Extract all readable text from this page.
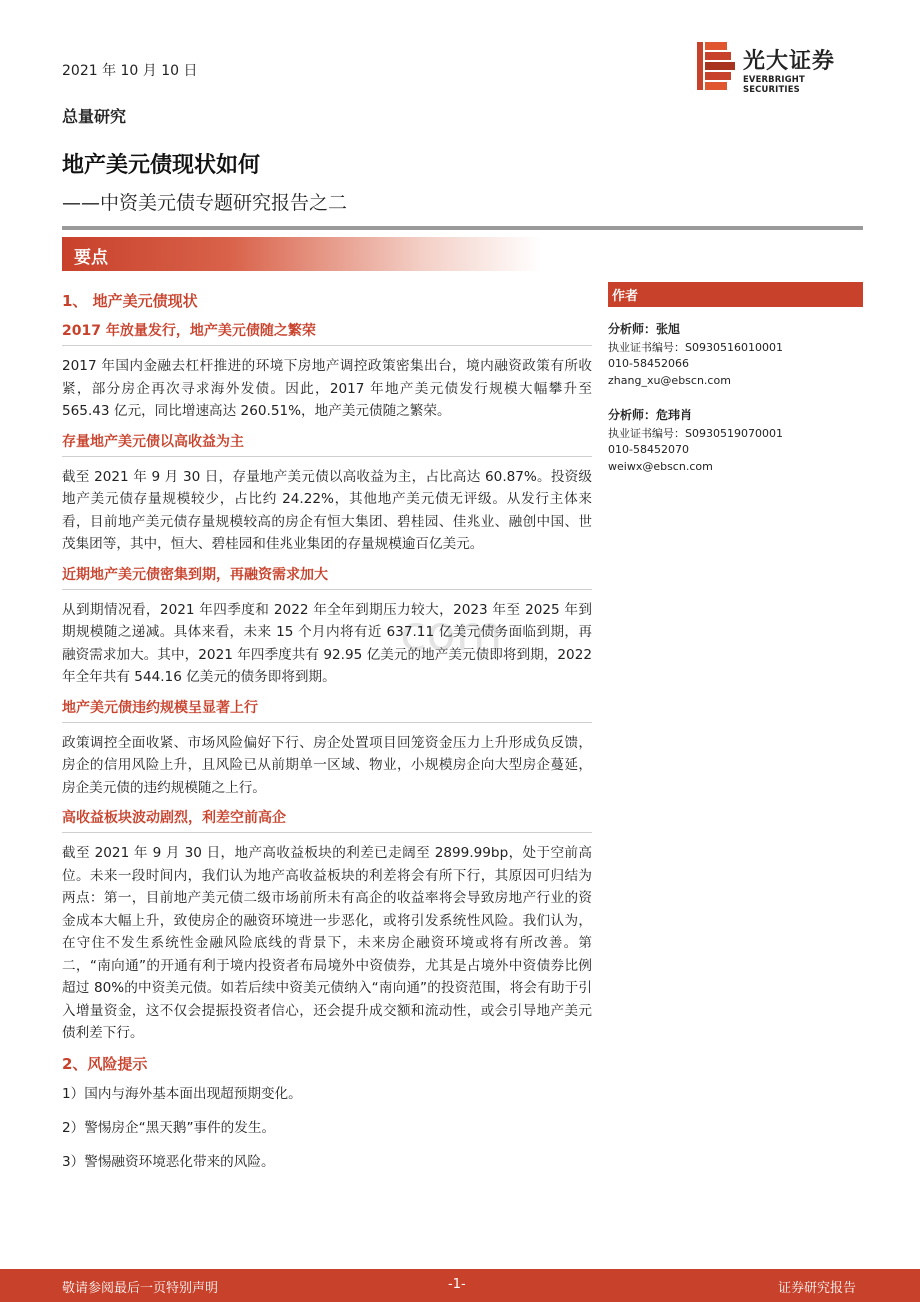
2021 年 10 月 10 日
总量研究
地产美元债现状如何
——中资美元债专题研究报告之二
要点
光大证券
EVERBRIGHT SECURITIES
com
1、 地产美元债现状
2017 年放量发行，地产美元债随之繁荣

2017 年国内金融去杠杆推进的环境下房地产调控政策密集出台，境内融资政策有所收紧，部分房企再次寻求海外发债。因此，2017 年地产美元债发行规模大幅攀升至 565.43 亿元，同比增速高达 260.51%，地产美元债随之繁荣。

存量地产美元债以高收益为主

截至 2021 年 9 月 30 日，存量地产美元债以高收益为主，占比高达 60.87%。投资级地产美元债存量规模较少，占比约 24.22%，其他地产美元债无评级。从发行主体来看，目前地产美元债存量规模较高的房企有恒大集团、碧桂园、佳兆业、融创中国、世茂集团等，其中，恒大、碧桂园和佳兆业集团的存量规模逾百亿美元。

近期地产美元债密集到期，再融资需求加大

从到期情况看，2021 年四季度和 2022 年全年到期压力较大，2023 年至 2025 年到期规模随之递减。具体来看，未来 15 个月内将有近 637.11 亿美元债务面临到期，再融资需求加大。其中，2021 年四季度共有 92.95 亿美元的地产美元债即将到期，2022 年全年共有 544.16 亿美元的债务即将到期。

地产美元债违约规模呈显著上行

政策调控全面收紧、市场风险偏好下行、房企处置项目回笼资金压力上升形成负反馈，房企的信用风险上升，且风险已从前期单一区域、物业，小规模房企向大型房企蔓延，房企美元债的违约规模随之上行。

高收益板块波动剧烈，利差空前高企

截至 2021 年 9 月 30 日，地产高收益板块的利差已走阔至 2899.99bp，处于空前高位。未来一段时间内，我们认为地产高收益板块的利差将会有所下行，其原因可归结为两点：第一，目前地产美元债二级市场前所未有高企的收益率将会导致房地产行业的资金成本大幅上升，致使房企的融资环境进一步恶化，或将引发系统性风险。我们认为，在守住不发生系统性金融风险底线的背景下，未来房企融资环境或将有所改善。第二，“南向通”的开通有利于境内投资者布局境外中资债券，尤其是占境外中资债券比例超过 80%的中资美元债。如若后续中资美元债纳入“南向通”的投资范围，将会有助于引入增量资金，这不仅会提振投资者信心，还会提升成交额和流动性，或会引导地产美元债利差下行。

2、风险提示
1）国内与海外基本面出现超预期变化。
2）警惕房企“黑天鹅”事件的发生。
3）警惕融资环境恶化带来的风险。
作者
分析师：张旭
执业证书编号：S0930516010001
010-58452066
zhang_xu@ebscn.com
分析师：危玮肖
执业证书编号：S0930519070001
010-58452070
weiwx@ebscn.com
敬请参阅最后一页特别声明	-1-	证券研究报告
